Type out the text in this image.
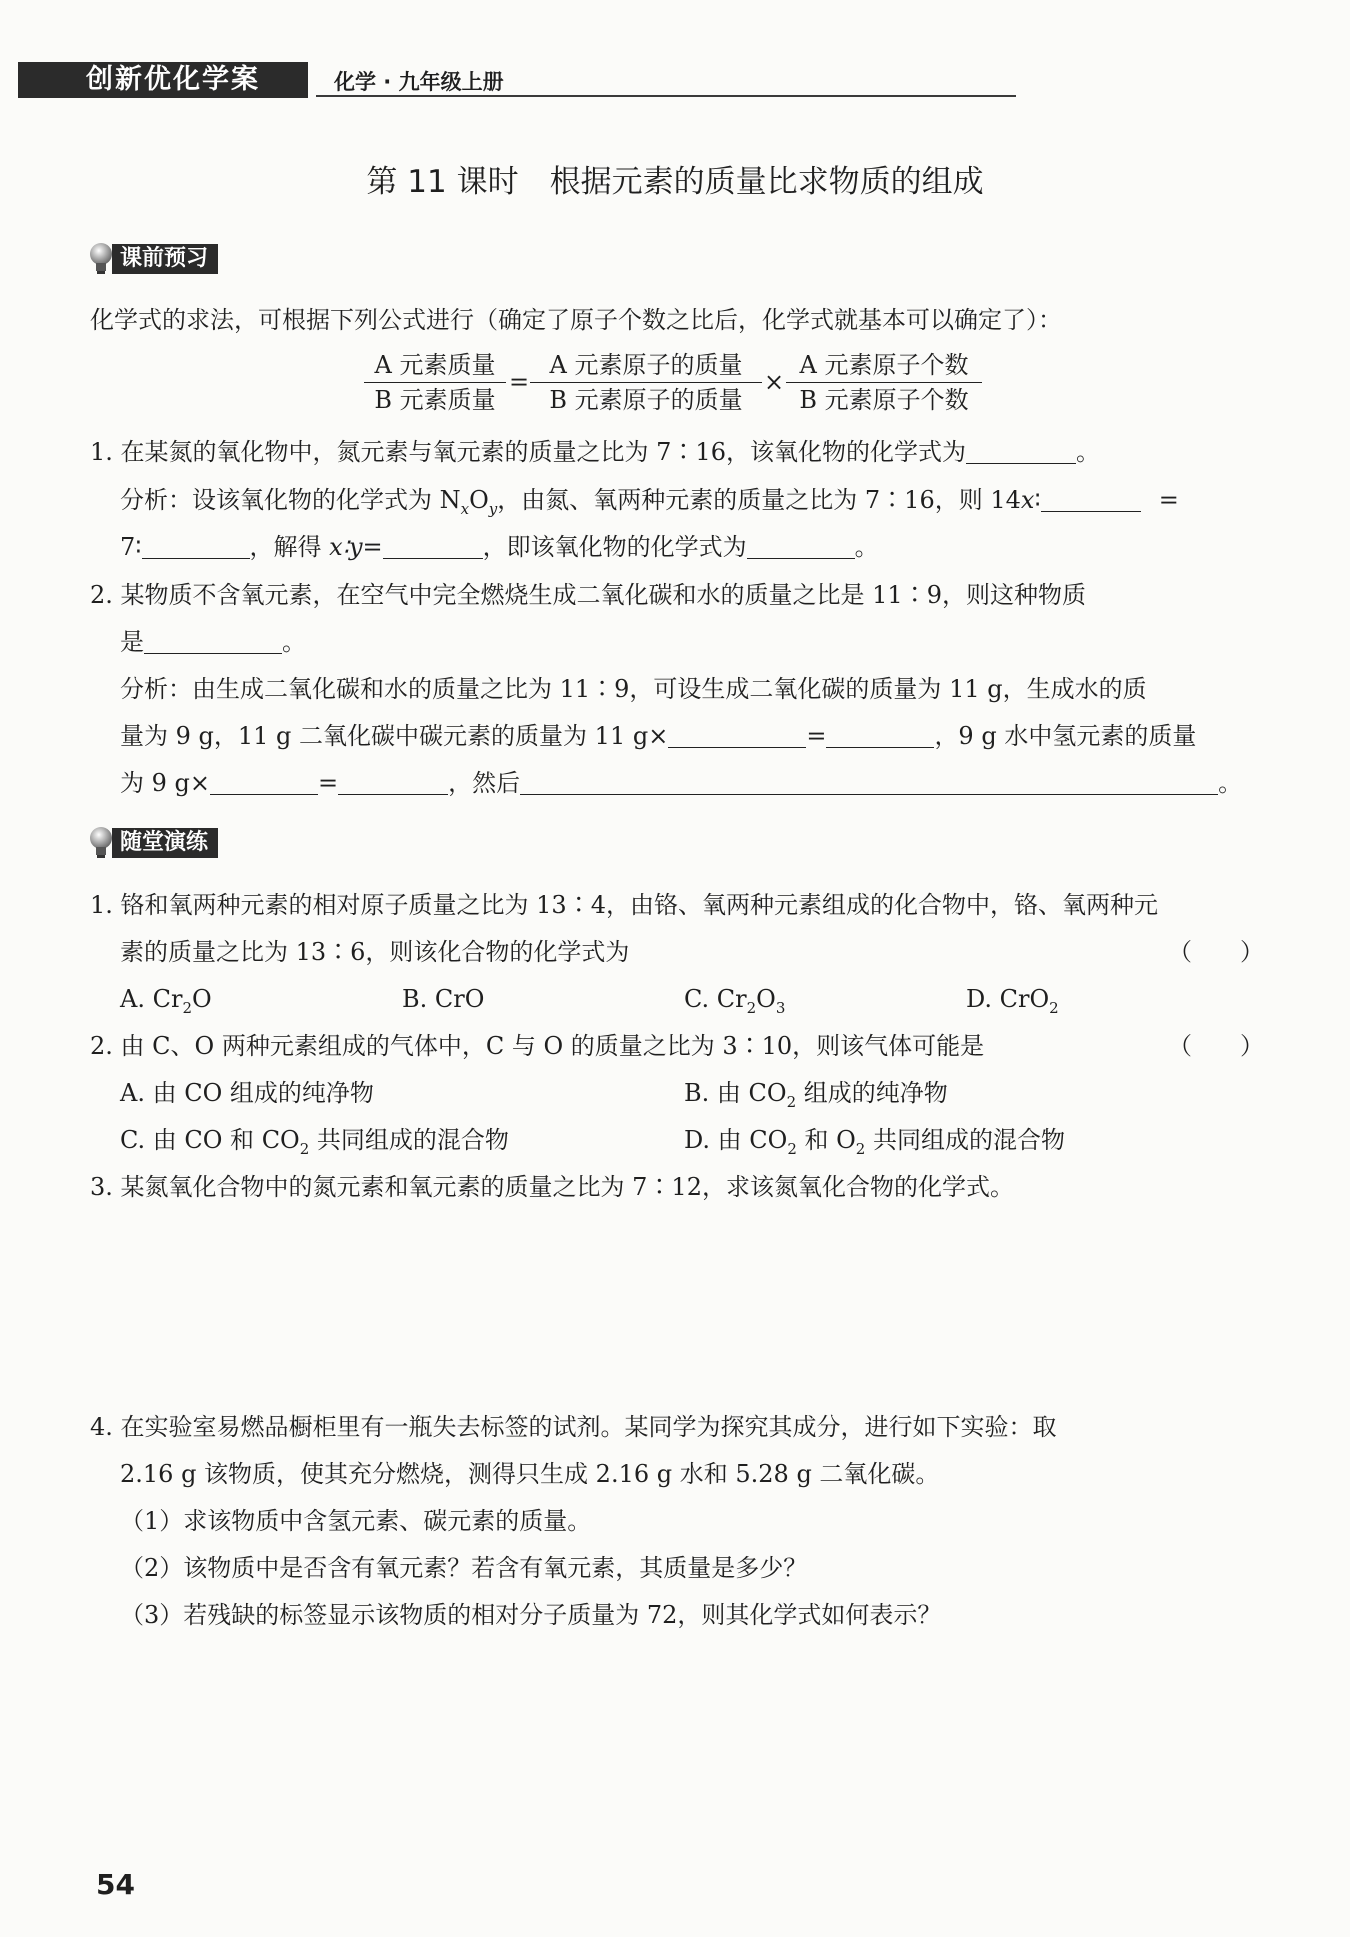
创新优化学案	化学 · 九年级上册
第 11 课时　根据元素的质量比求物质的组成
课前预习
化学式的求法，可根据下列公式进行（确定了原子个数之比后，化学式就基本可以确定了）：
A 元素质量
B 元素质量
=
A 元素原子的质量
B 元素原子的质量
×
A 元素原子个数
B 元素原子个数
1. 在某氮的氧化物中，氮元素与氧元素的质量之比为 7∶16，该氧化物的化学式为	。
分析：设该氧化物的化学式为 $N_xO_y$，由氮、氧两种元素的质量之比为 7∶16，则 14x∶	=
7∶	，解得 x∶y=	，即该氧化物的化学式为	。
2. 某物质不含氧元素，在空气中完全燃烧生成二氧化碳和水的质量之比是 11∶9，则这种物质
是	。
分析：由生成二氧化碳和水的质量之比为 11∶9，可设生成二氧化碳的质量为 11 g，生成水的质
量为 9 g，11 g 二氧化碳中碳元素的质量为 11 g×	=	，9 g 水中氢元素的质量
为 9 g×	=	，然后	。
随堂演练
1. 铬和氧两种元素的相对原子质量之比为 13∶4，由铬、氧两种元素组成的化合物中，铬、氧两种元
素的质量之比为 13∶6，则该化合物的化学式为	（　　）
A. $Cr_2O$	B. CrO	C. $Cr_2O_3$	D. CrO$_2$
2. 由 C、O 两种元素组成的气体中，C 与 O 的质量之比为 3∶10，则该气体可能是	（　　）
A. 由 CO 组成的纯净物	B. 由 $CO_2$ 组成的纯净物
C. 由 CO 和 $CO_2$ 共同组成的混合物	D. 由 $CO_2$ 和 $O_2$ 共同组成的混合物
3. 某氮氧化合物中的氮元素和氧元素的质量之比为 7∶12，求该氮氧化合物的化学式。
4. 在实验室易燃品橱柜里有一瓶失去标签的试剂。某同学为探究其成分，进行如下实验：取
2.16 g 该物质，使其充分燃烧，测得只生成 2.16 g 水和 5.28 g 二氧化碳。
（1）求该物质中含氢元素、碳元素的质量。
（2）该物质中是否含有氧元素？若含有氧元素，其质量是多少？
（3）若残缺的标签显示该物质的相对分子质量为 72，则其化学式如何表示？
54
